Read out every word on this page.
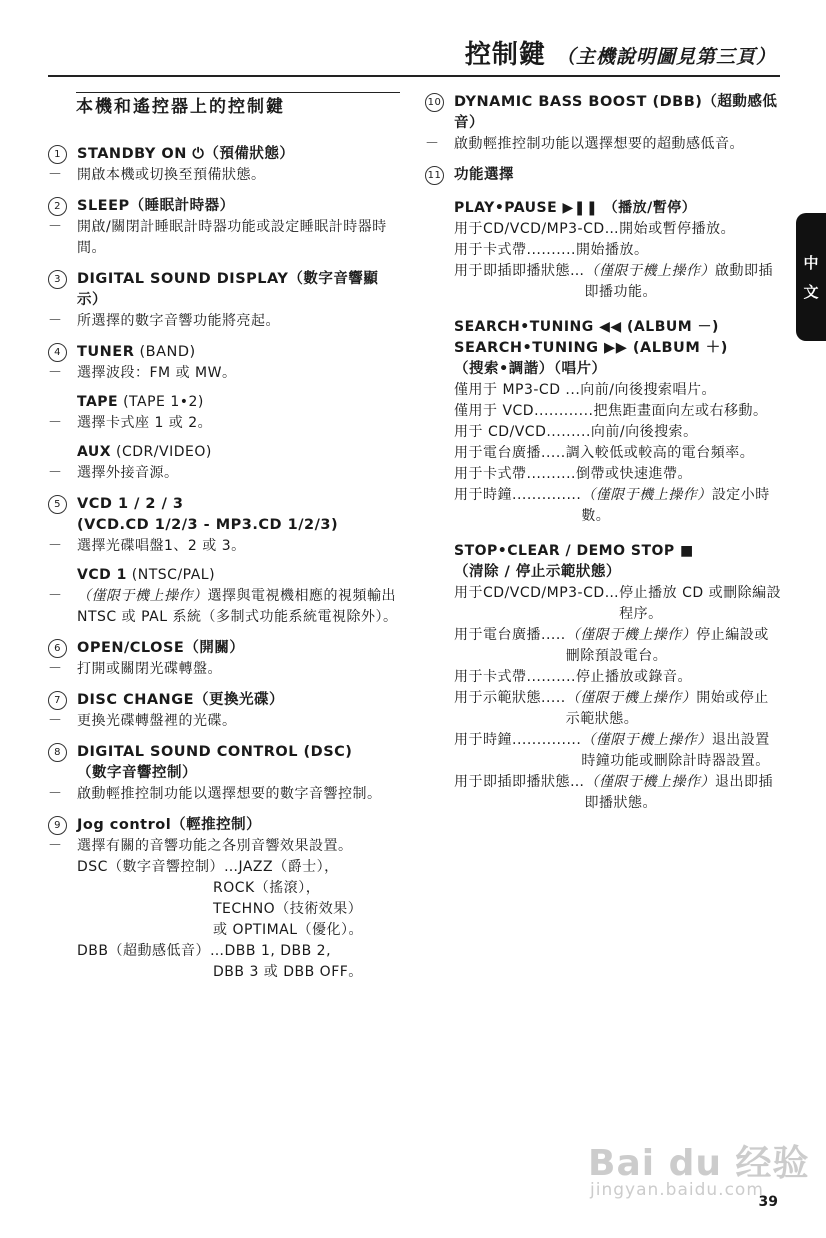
控制鍵 （主機說明圖見第三頁）
本機和遙控器上的控制鍵
1	STANDBY ON ⏻（預備狀態）
－ 開啟本機或切換至預備狀態。
2	SLEEP（睡眠計時器）
－ 開啟/關閉計睡眠計時器功能或設定睡眠計時器時間。
3	DIGITAL SOUND DISPLAY（數字音響顯示）
－ 所選擇的數字音響功能將亮起。
4	TUNER (BAND)
－ 選擇波段：FM 或 MW。
TAPE (TAPE 1•2)
－ 選擇卡式座 1 或 2。
AUX (CDR/VIDEO)
－ 選擇外接音源。
5	VCD 1 / 2 / 3
(VCD.CD 1/2/3 - MP3.CD 1/2/3)
－ 選擇光碟唱盤1、2 或 3。
VCD 1 (NTSC/PAL)
－ （僅限于機上操作）選擇與電視機相應的視頻輸出 NTSC 或 PAL 系統（多制式功能系統電視除外）。
6	OPEN/CLOSE（開關）
－ 打開或關閉光碟轉盤。
7	DISC CHANGE（更換光碟）
－ 更換光碟轉盤裡的光碟。
8	DIGITAL SOUND CONTROL (DSC)
（數字音響控制）
－ 啟動輕推控制功能以選擇想要的數字音響控制。
9	Jog control（輕推控制）
－ 選擇有關的音響功能之各別音響效果設置。
DSC（數字音響控制）… JAZZ（爵士），
ROCK（搖滾），
TECHNO（技術效果）
或 OPTIMAL（優化）。
DBB（超動感低音）… DBB 1, DBB 2,
DBB 3 或 DBB OFF。
10 DYNAMIC BASS BOOST (DBB)（超動感低音）
－ 啟動輕推控制功能以選擇想要的超動感低音。
11 功能選擇
PLAY•PAUSE ▶❚❚ （播放/暫停）
用于CD/VCD/MP3-CD… 開始或暫停播放。
用于卡式帶.......... 開始播放。
用于即插即播狀態… （僅限于機上操作）啟動即插即播功能。
SEARCH•TUNING ◀◀ (ALBUM －)
SEARCH•TUNING ▶▶ (ALBUM ＋)
（搜索•調諧）（唱片）
僅用于 MP3-CD ... 向前/向後搜索唱片。
僅用于 VCD............ 把焦距畫面向左或右移動。
用于 CD/VCD......... 向前/向後搜索。
用于電台廣播..... 調入較低或較高的電台頻率。
用于卡式帶.......... 倒帶或快速進帶。
用于時鐘.............. （僅限于機上操作）設定小時數。
STOP•CLEAR / DEMO STOP ■
（清除 / 停止示範狀態）
用于CD/VCD/MP3-CD… 停止播放 CD 或刪除編設程序。
用于電台廣播..... （僅限于機上操作）停止編設或刪除預設電台。
用于卡式帶.......... 停止播放或錄音。
用于示範狀態..... （僅限于機上操作）開始或停止示範狀態。
用于時鐘.............. （僅限于機上操作）退出設置時鐘功能或刪除計時器設置。
用于即插即播狀態… （僅限于機上操作）退出即插即播狀態。
中
文
Bai du 经验
jingyan.baidu.com
39
